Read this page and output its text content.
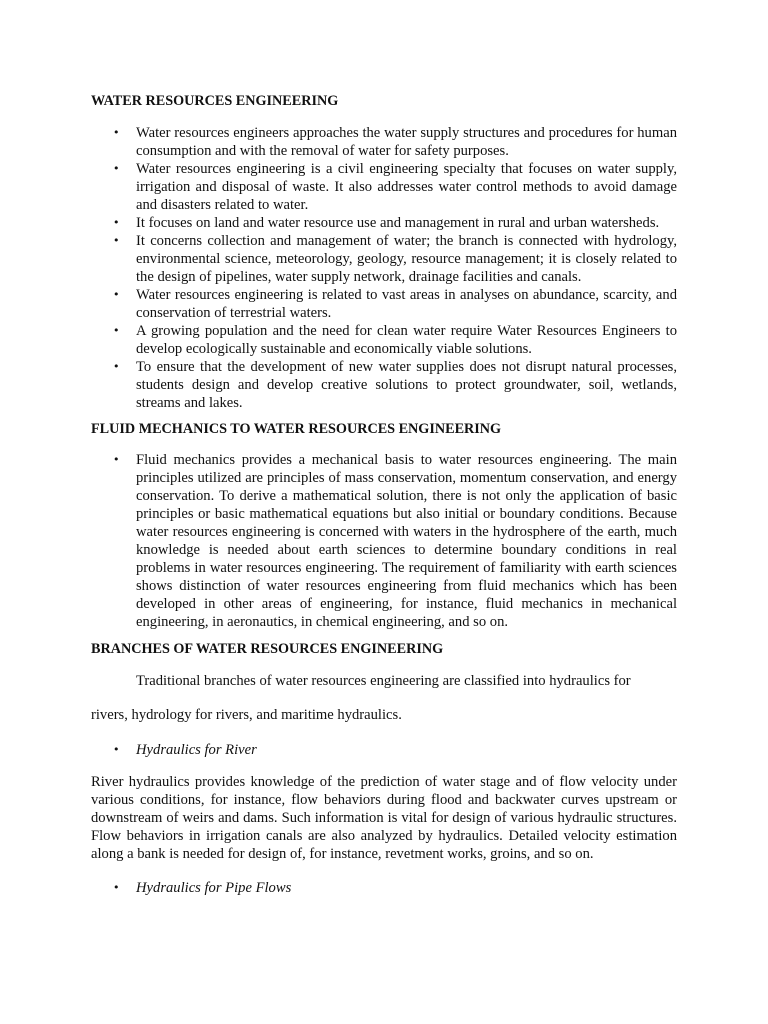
WATER RESOURCES ENGINEERING
• Water resources engineers approaches the water supply structures and procedures for human consumption and with the removal of water for safety purposes.
• Water resources engineering is a civil engineering specialty that focuses on water supply, irrigation and disposal of waste. It also addresses water control methods to avoid damage and disasters related to water.
• It focuses on land and water resource use and management in rural and urban watersheds.
• It concerns collection and management of water; the branch is connected with hydrology, environmental science, meteorology, geology, resource management; it is closely related to the design of pipelines, water supply network, drainage facilities and canals.
• Water resources engineering is related to vast areas in analyses on abundance, scarcity, and conservation of terrestrial waters.
• A growing population and the need for clean water require Water Resources Engineers to develop ecologically sustainable and economically viable solutions.
• To ensure that the development of new water supplies does not disrupt natural processes, students design and develop creative solutions to protect groundwater, soil, wetlands, streams and lakes.
FLUID MECHANICS TO WATER RESOURCES ENGINEERING
• Fluid mechanics provides a mechanical basis to water resources engineering. The main principles utilized are principles of mass conservation, momentum conservation, and energy conservation. To derive a mathematical solution, there is not only the application of basic principles or basic mathematical equations but also initial or boundary conditions. Because water resources engineering is concerned with waters in the hydrosphere of the earth, much knowledge is needed about earth sciences to determine boundary conditions in real problems in water resources engineering. The requirement of familiarity with earth sciences shows distinction of water resources engineering from fluid mechanics which has been developed in other areas of engineering, for instance, fluid mechanics in mechanical engineering, in aeronautics, in chemical engineering, and so on.
BRANCHES OF WATER RESOURCES ENGINEERING
Traditional branches of water resources engineering are classified into hydraulics for
rivers, hydrology for rivers, and maritime hydraulics.
• Hydraulics for River
River hydraulics provides knowledge of the prediction of water stage and of flow velocity under various conditions, for instance, flow behaviors during flood and backwater curves upstream or downstream of weirs and dams. Such information is vital for design of various hydraulic structures. Flow behaviors in irrigation canals are also analyzed by hydraulics. Detailed velocity estimation along a bank is needed for design of, for instance, revetment works, groins, and so on.
• Hydraulics for Pipe Flows
